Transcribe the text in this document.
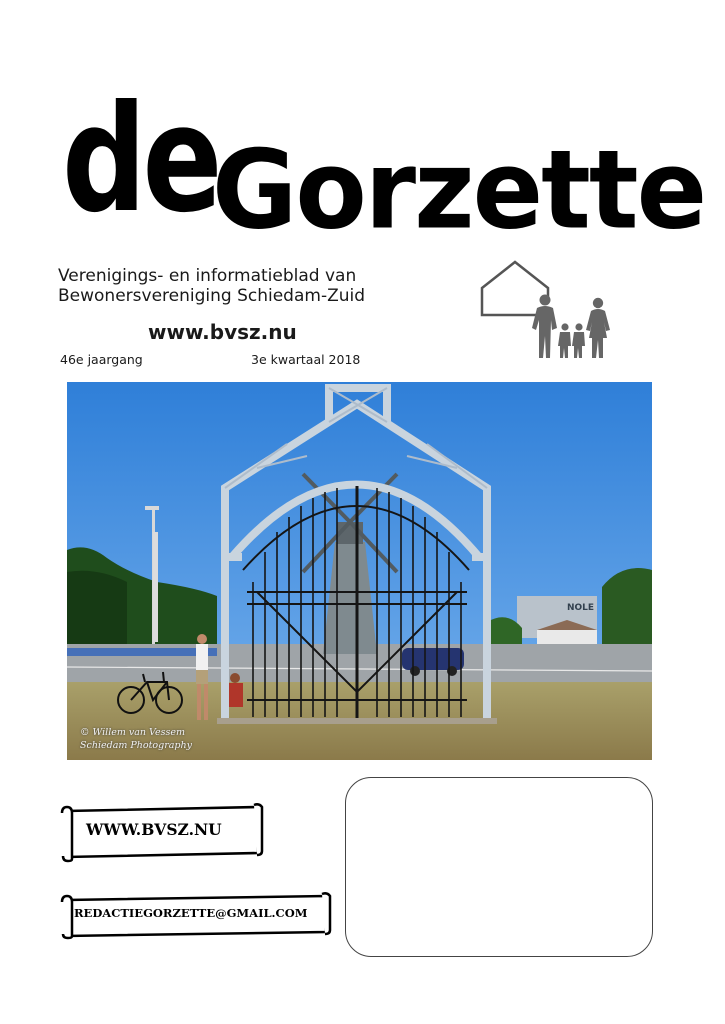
de
Gorzette
Verenigings- en informatieblad van
Bewonersvereniging Schiedam-Zuid
www.bvsz.nu
46e jaargang	3e kwartaal 2018
NOLE
© Willem van Vessem
Schiedam Photography
WWW.BVSZ.NU
REDACTIEGORZETTE@GMAIL.COM
